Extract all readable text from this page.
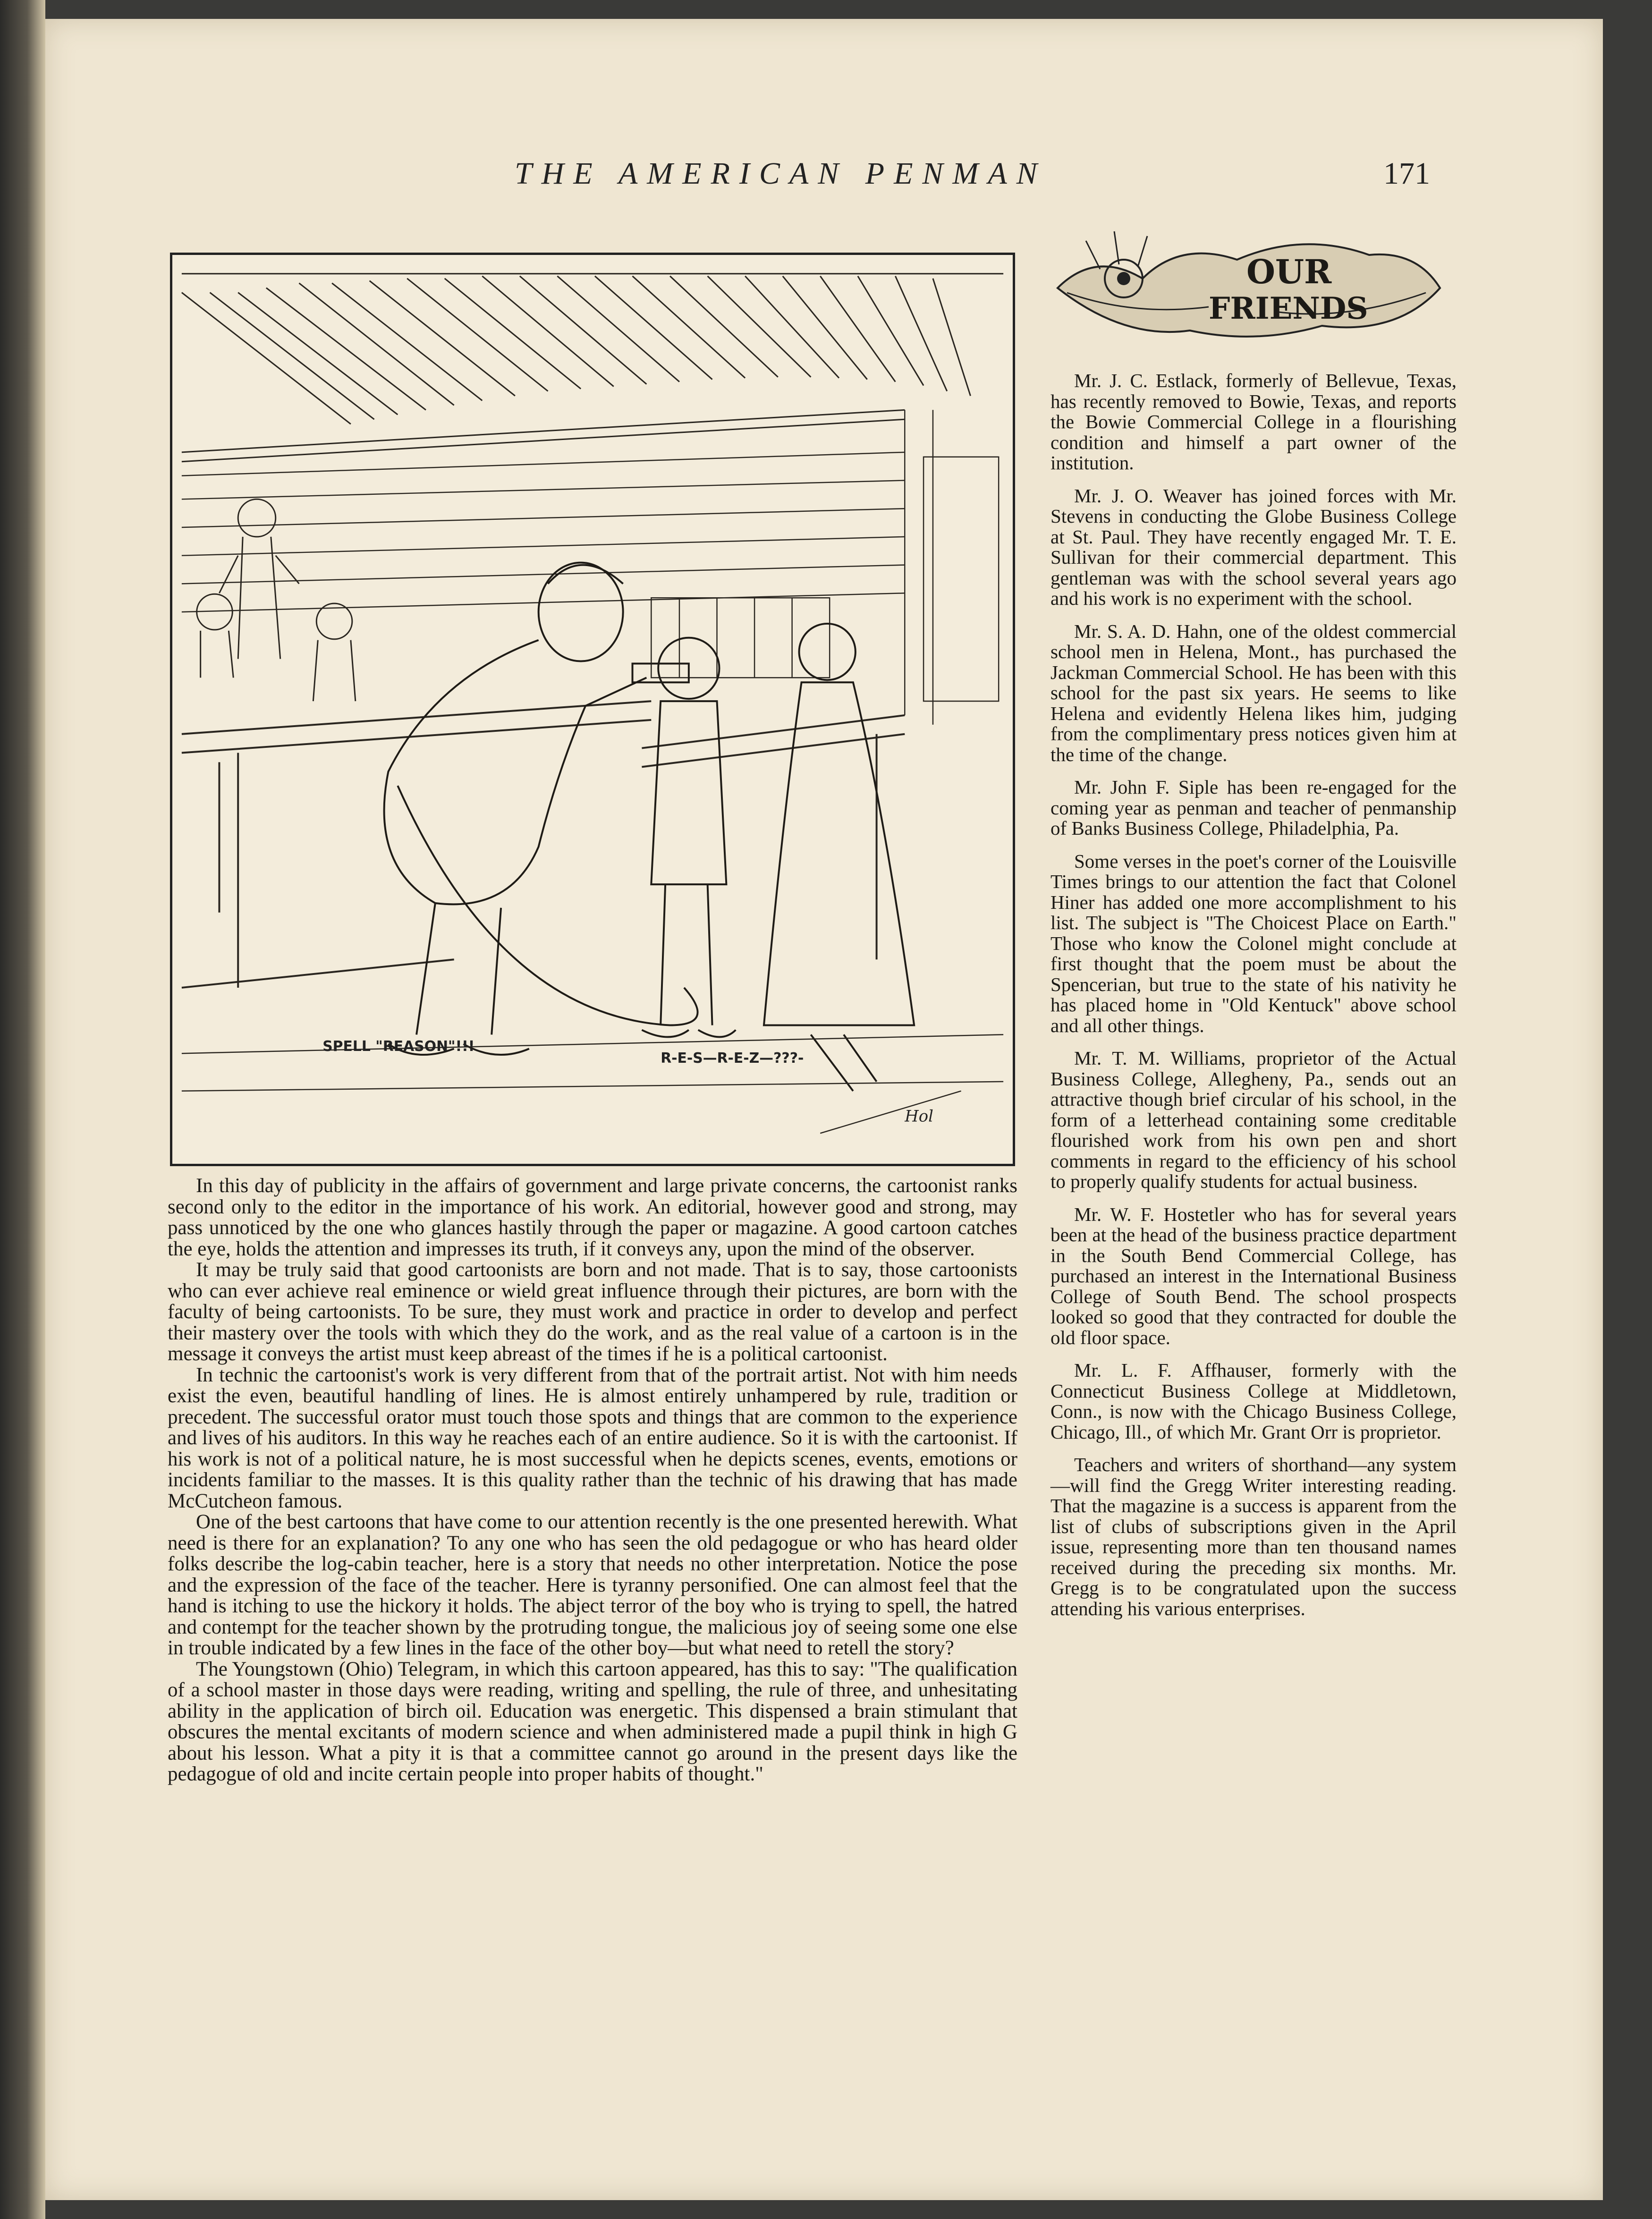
THE AMERICAN PENMAN	171
SPELL "REASON"!!!
R-E-S—R-E-Z—???-
Hol

In this day of publicity in the affairs of government and large private concerns, the cartoonist ranks second only to the editor in the importance of his work. An editorial, however good and strong, may pass unnoticed by the one who glances hastily through the paper or magazine. A good cartoon catches the eye, holds the attention and impresses its truth, if it conveys any, upon the mind of the observer.

It may be truly said that good cartoonists are born and not made. That is to say, those cartoonists who can ever achieve real eminence or wield great influence through their pictures, are born with the faculty of being cartoonists. To be sure, they must work and practice in order to develop and perfect their mastery over the tools with which they do the work, and as the real value of a cartoon is in the message it conveys the artist must keep abreast of the times if he is a political cartoonist.

In technic the cartoonist's work is very different from that of the portrait artist. Not with him needs exist the even, beautiful handling of lines. He is almost entirely unhampered by rule, tradition or precedent. The successful orator must touch those spots and things that are common to the experience and lives of his auditors. In this way he reaches each of an entire audience. So it is with the cartoonist. If his work is not of a political nature, he is most successful when he depicts scenes, events, emotions or incidents familiar to the masses. It is this quality rather than the technic of his drawing that has made McCutcheon famous.

One of the best cartoons that have come to our attention recently is the one presented herewith. What need is there for an explanation? To any one who has seen the old pedagogue or who has heard older folks describe the log-cabin teacher, here is a story that needs no other interpretation. Notice the pose and the expression of the face of the teacher. Here is tyranny personified. One can almost feel that the hand is itching to use the hickory it holds. The abject terror of the boy who is trying to spell, the hatred and contempt for the teacher shown by the protruding tongue, the malicious joy of seeing some one else in trouble indicated by a few lines in the face of the other boy—but what need to retell the story?

The Youngstown (Ohio) Telegram, in which this cartoon appeared, has this to say: "The qualification of a school master in those days were reading, writing and spelling, the rule of three, and unhesitating ability in the application of birch oil. Education was energetic. This dispensed a brain stimulant that obscures the mental excitants of modern science and when administered made a pupil think in high G about his lesson. What a pity it is that a committee cannot go around in the present days like the pedagogue of old and incite certain people into proper habits of thought."

OUR
FRIENDS

Mr. J. C. Estlack, formerly of Bellevue, Texas, has recently removed to Bowie, Texas, and reports the Bowie Commercial College in a flourishing condition and himself a part owner of the institution.

Mr. J. O. Weaver has joined forces with Mr. Stevens in conducting the Globe Business College at St. Paul. They have recently engaged Mr. T. E. Sullivan for their commercial department. This gentleman was with the school several years ago and his work is no experiment with the school.

Mr. S. A. D. Hahn, one of the oldest commercial school men in Helena, Mont., has purchased the Jackman Commercial School. He has been with this school for the past six years. He seems to like Helena and evidently Helena likes him, judging from the complimentary press notices given him at the time of the change.

Mr. John F. Siple has been re-engaged for the coming year as penman and teacher of penmanship of Banks Business College, Philadelphia, Pa.

Some verses in the poet's corner of the Louisville Times brings to our attention the fact that Colonel Hiner has added one more accomplishment to his list. The subject is "The Choicest Place on Earth." Those who know the Colonel might conclude at first thought that the poem must be about the Spencerian, but true to the state of his nativity he has placed home in "Old Kentuck" above school and all other things.

Mr. T. M. Williams, proprietor of the Actual Business College, Allegheny, Pa., sends out an attractive though brief circular of his school, in the form of a letterhead containing some creditable flourished work from his own pen and short comments in regard to the efficiency of his school to properly qualify students for actual business.

Mr. W. F. Hostetler who has for several years been at the head of the business practice department in the South Bend Commercial College, has purchased an interest in the International Business College of South Bend. The school prospects looked so good that they contracted for double the old floor space.

Mr. L. F. Affhauser, formerly with the Connecticut Business College at Middletown, Conn., is now with the Chicago Business College, Chicago, Ill., of which Mr. Grant Orr is proprietor.

Teachers and writers of shorthand—any system—will find the Gregg Writer interesting reading. That the magazine is a success is apparent from the list of clubs of subscriptions given in the April issue, representing more than ten thousand names received during the preceding six months. Mr. Gregg is to be congratulated upon the success attending his various enterprises.
